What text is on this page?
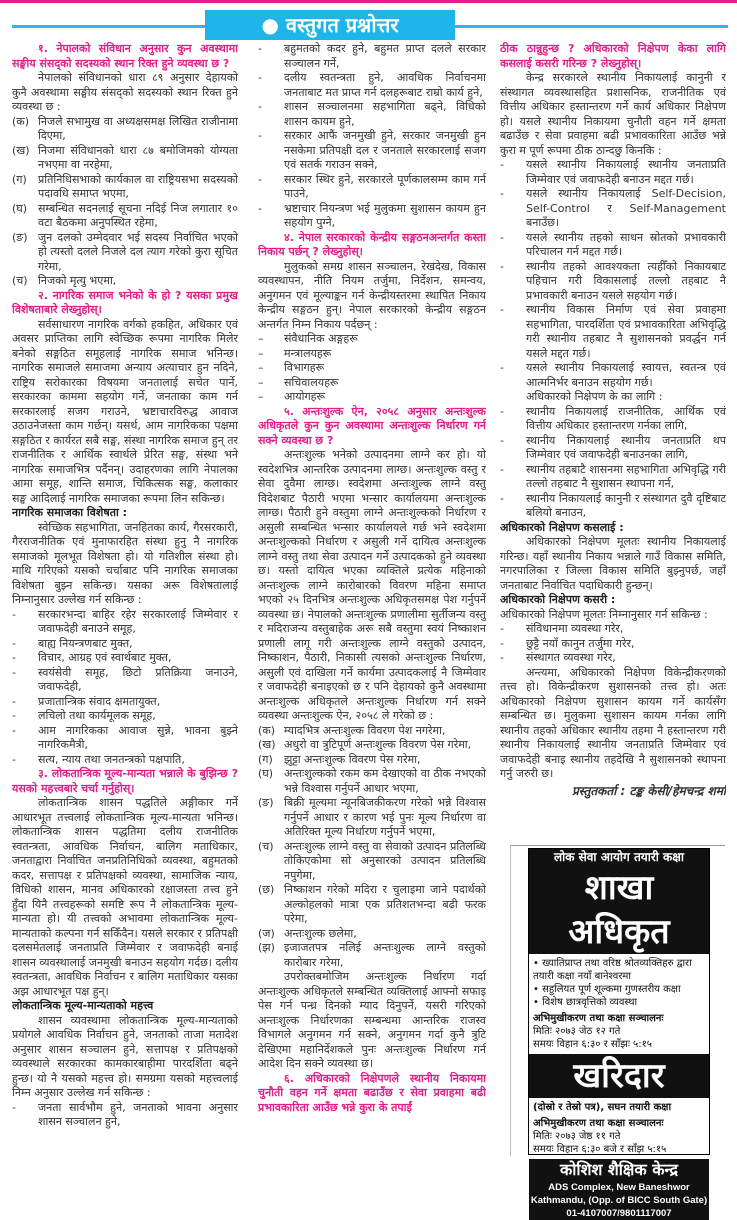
● वस्तुगत प्रश्नोत्तर
१. नेपालको संविधान अनुसार कुन अवस्थामा सङ्घीय संसद्को सदस्यको स्थान रिक्त हुने व्यवस्था छ ?
नेपालको संविधानको धारा ८९ अनुसार देहायको कुनै अवस्थामा सङ्घीय संसद्को सदस्यको स्थान रिक्त हुने व्यवस्था छ :
(क) निजले सभामुख वा अध्यक्षसमक्ष लिखित राजीनामा दिएमा,
(ख) निजमा संविधानको धारा ८७ बमोजिमको योग्यता नभएमा वा नरहेमा,
(ग)	प्रतिनिधिसभाको कार्यकाल वा राष्ट्रियसभा सदस्यको पदावधि समाप्त भएमा,
(घ) सम्बन्धित सदनलाई सूचना नदिई निज लगातार १० वटा बैठकमा अनुपस्थित रहेमा,
(ङ) जुन दलको उम्मेदवार भई सदस्य निर्वाचित भएको हो त्यस्तो दलले निजले दल त्याग गरेको कुरा सूचित गरेमा,
(च) निजको मृत्यु भएमा,
२. नागरिक समाज भनेको के हो ? यसका प्रमुख विशेषताबारे लेख्नुहोस्।
सर्वसाधारण नागरिक वर्गको हकहित, अधिकार एवं अवसर प्राप्तिका लागि स्वेच्छिक रूपमा नागरिक मिलेर बनेको सङ्गठित समूहलाई नागरिक समाज भनिन्छ। नागरिक समाजले समाजमा अन्याय अत्याचार हुन नदिने, राष्ट्रिय सरोकारका विषयमा जनतालाई सचेत पार्ने, सरकारका काममा सहयोग गर्ने, जनताका काम गर्न सरकारलाई सजग गराउने, भ्रष्टाचारविरुद्ध आवाज उठाउनेजस्ता काम गर्छन्। यसर्थ, आम नागरिकका पक्षमा सङ्गठित र कार्यरत सबै सङ्घ, संस्था नागरिक समाज हुन् तर राजनीतिक र आर्थिक स्वार्थले प्रेरित सङ्घ, संस्था भने नागरिक समाजभित्र पर्दैनन्। उदाहरणका लागि नेपालका आमा समूह, शान्ति समाज, चिकित्सक सङ्घ, कलाकार सङ्घ आदिलाई नागरिक समाजका रूपमा लिन सकिन्छ।
नागरिक समाजका विशेषता :
स्वेच्छिक सहभागिता, जनहितका कार्य, गैरसरकारी, गैरराजनीतिक एवं मुनाफारहित संस्था हुनु नै नागरिक समाजको मूलभूत विशेषता हो। यो गतिशील संस्था हो। माथि गरिएको यसको चर्चाबाट पनि नागरिक समाजका विशेषता बुझ्न सकिन्छ। यसका अरू विशेषतालाई निम्नानुसार उल्लेख गर्न सकिन्छ :
-	सरकारभन्दा बाहिर रहेर सरकारलाई जिम्मेवार र जवाफदेही बनाउने समूह,
-	बाह्य नियन्त्रणबाट मुक्त,
-	विचार, आग्रह एवं स्वार्थबाट मुक्त,
-	स्वयंसेवी समूह, छिटो प्रतिक्रिया जनाउने, जवाफदेही,
-	प्रजातान्त्रिक संवाद क्षमतायुक्त,
-	लचिलो तथा कार्यमूलक समूह,
-	आम नागरिकका आवाज सुन्ने, भावना बुझ्ने नागरिकमैत्री,
-	सत्य, न्याय तथा जनतन्त्रको पक्षपाति,
३. लोकतान्त्रिक मूल्य-मान्यता भन्नाले के बुझिन्छ ? यसको महत्त्वबारे चर्चा गर्नुहोस्।
लोकतान्त्रिक शासन पद्धतिले अङ्गीकार गर्ने आधारभूत तत्त्वलाई लोकतान्त्रिक मूल्य-मान्यता भनिन्छ। लोकतान्त्रिक शासन पद्धतिमा दलीय राजनीतिक स्वतन्त्रता, आवधिक निर्वाचन, बालिग मताधिकार, जनताद्वारा निर्वाचित जनप्रतिनिधिको व्यवस्था, बहुमतको कदर, सत्तापक्ष र प्रतिपक्षको व्यवस्था, सामाजिक न्याय, विधिको शासन, मानव अधिकारको रक्षाजस्ता तत्त्व हुने हुँदा यिनै तत्त्वहरूको समष्टि रूप नै लोकतान्त्रिक मूल्य-मान्यता हो। यी तत्त्वको अभावमा लोकतान्त्रिक मूल्य-मान्यताको कल्पना गर्न सकिँदैन। यसले सरकार र प्रतिपक्षी दलसमेतलाई जनताप्रति जिम्मेवार र जवाफदेही बनाई शासन व्यवस्थालाई जनमुखी बनाउन सहयोग गर्दछ। दलीय स्वतन्त्रता, आवधिक निर्वाचन र बालिग मताधिकार यसका अझ आधारभूत पक्ष हुन्।
लोकतान्त्रिक मूल्य-मान्यताको महत्त्व
शासन व्यवस्थामा लोकतान्त्रिक मूल्य-मान्यताको प्रयोगले आवधिक निर्वाचन हुने, जनताको ताजा मतादेश अनुसार शासन सञ्चालन हुने, सत्तापक्ष र प्रतिपक्षको व्यवस्थाले सरकारका कामकारबाहीमा पारदर्शिता बढ्ने हुन्छ। यो नै यसको महत्त्व हो। समग्रमा यसको महत्त्वलाई निम्न अनुसार उल्लेख गर्न सकिन्छ :
-	जनता सार्वभौम हुने, जनताको भावना अनुसार शासन सञ्चालन हुने,
-	बहुमतको कदर हुने, बहुमत प्राप्त दलले सरकार सञ्चालन गर्ने,
-	दलीय स्वतन्त्रता हुने, आवधिक निर्वाचनमा जनताबाट मत प्राप्त गर्न दलहरूबाट राम्रो कार्य हुने,
-	शासन सञ्चालनमा सहभागिता बढ्ने, विधिको शासन कायम हुने,
-	सरकार आफैं जनमुखी हुने, सरकार जनमुखी हुन नसकेमा प्रतिपक्षी दल र जनताले सरकारलाई सजग एवं सतर्क गराउन सक्ने,
-	सरकार स्थिर हुने, सरकारले पूर्णकालसम्म काम गर्न पाउने,
-	भ्रष्टाचार नियन्त्रण भई मुलुकमा सुशासन कायम हुन सहयोग पुग्ने,
४. नेपाल सरकारको केन्द्रीय सङ्गठनअन्तर्गत कस्ता निकाय पर्छन् ? लेख्नुहोस्।
मुलुकको समग्र शासन सञ्चालन, रेखदेख, विकास व्यवस्थापन, नीति नियम तर्जुमा, निर्देशन, समन्वय, अनुगमन एवं मूल्याङ्कन गर्न केन्द्रीयस्तरमा स्थापित निकाय केन्द्रीय सङ्गठन हुन्। नेपाल सरकारको केन्द्रीय सङ्गठन अन्तर्गत निम्न निकाय पर्दछन् :
–	संवैधानिक अङ्गहरू
–	मन्त्रालयहरू
–	विभागहरू
–	सचिवालयहरू
–	आयोगहरू
५. अन्तःशुल्क ऐन, २०५८ अनुसार अन्तःशुल्क अधिकृतले कुन कुन अवस्थामा अन्तःशुल्क निर्धारण गर्न सक्ने व्यवस्था छ ?
अन्तःशुल्क भनेको उत्पादनमा लाग्ने कर हो। यो स्वदेशभित्र आन्तरिक उत्पादनमा लाग्छ। अन्तःशुल्क वस्तु र सेवा दुवैमा लाग्छ। स्वदेशमा अन्तःशुल्क लाग्ने वस्तु विदेशबाट पैठारी भएमा भन्सार कार्यालयमा अन्तःशुल्क लाग्छ। पैठारी हुने वस्तुमा लाग्ने अन्तःशुल्कको निर्धारण र असुली सम्बन्धित भन्सार कार्यालयले गर्छ भने स्वदेशमा अन्तःशुल्कको निर्धारण र असुली गर्ने दायित्व अन्तःशुल्क लाग्ने वस्तु तथा सेवा उत्पादन गर्ने उत्पादकको हुने व्यवस्था छ। यस्तो दायित्व भएका व्यक्तिले प्रत्येक महिनाको अन्तःशुल्क लाग्ने कारोबारको विवरण महिना समाप्त भएको २५ दिनभित्र अन्तःशुल्क अधिकृतसमक्ष पेश गर्नुपर्ने व्यवस्था छ। नेपालको अन्तःशुल्क प्रणालीमा सुर्तीजन्य वस्तु र मदिराजन्य वस्तुबाहेक अरू सबै वस्तुमा स्वयं निष्काशन प्रणाली लागू गरी अन्तःशुल्क लाग्ने वस्तुको उत्पादन, निष्काशन, पैठारी, निकासी त्यसको अन्तःशुल्क निर्धारण, असुली एवं दाखिला गर्ने कार्यमा उत्पादकलाई नै जिम्मेवार र जवाफदेही बनाइएको छ र पनि देहायको कुनै अवस्थामा अन्तःशुल्क अधिकृतले अन्तःशुल्क निर्धारण गर्न सक्ने व्यवस्था अन्तःशुल्क ऐन, २०५८ ले गरेको छ :
(क) म्यादभित्र अन्तःशुल्क विवरण पेश नगरेमा,
(ख) अधुरो वा त्रुटिपूर्ण अन्तःशुल्क विवरण पेस गरेमा,
(ग)	झुट्टा अन्तःशुल्क विवरण पेस गरेमा,
(घ) अन्तःशुल्कको रकम कम देखाएको वा ठीक नभएको भन्ने विश्वास गर्नुपर्ने आधार भएमा,
(ङ) बिक्री मूल्यमा न्यूनबिजकीकरण गरेको भन्ने विश्वास गर्नुपर्ने आधार र कारण भई पुनः मूल्य निर्धारण वा अतिरिक्त मूल्य निर्धारण गर्नुपर्ने भएमा,
(च) अन्तःशुल्क लाग्ने वस्तु वा सेवाको उत्पादन प्रतिलब्धि तोकिएकोमा सो अनुसारको उत्पादन प्रतिलब्धि नपुगेमा,
(छ) निष्काशन गरेको मदिरा र चुलाइमा जाने पदार्थको अल्कोहलको मात्रा एक प्रतिशतभन्दा बढी फरक परेमा,
(ज) अन्तःशुल्क छलेमा,
(झ) इजाजतपत्र नलिई अन्तःशुल्क लाग्ने वस्तुको कारोबार गरेमा,
उपरोक्तबमोजिम अन्तःशुल्क निर्धारण गर्दा अन्तःशुल्क अधिकृतले सम्बन्धित व्यक्तिलाई आफ्नो सफाइ पेस गर्न पन्ध्र दिनको म्याद दिनुपर्ने, यसरी गरिएको अन्तःशुल्क निर्धारणका सम्बन्धमा आन्तरिक राजस्व विभागले अनुगमन गर्न सक्ने, अनुगमन गर्दा कुनै त्रुटि देखिएमा महानिर्देशकले पुनः अन्तःशुल्क निर्धारण गर्न आदेश दिन सक्ने व्यवस्था छ।
६. अधिकारको निक्षेपणले स्थानीय निकायमा चुनौती वहन गर्ने क्षमता बढाउँछ र सेवा प्रवाहमा बढी प्रभावकारिता आउँछ भन्ने कुरा के तपाईं
ठीक ठान्नुहुन्छ ? अधिकारको निक्षेपण केका लागि कसलाई कसरी गरिन्छ ? लेख्नुहोस्।
केन्द्र सरकारले स्थानीय निकायलाई कानुनी र संस्थागत व्यवस्थासहित प्रशासनिक, राजनीतिक एवं वित्तीय अधिकार हस्तान्तरण गर्ने कार्य अधिकार निक्षेपण हो। यसले स्थानीय निकायमा चुनौती वहन गर्ने क्षमता बढाउँछ र सेवा प्रवाहमा बढी प्रभावकारिता आउँछ भन्ने कुरा म पूर्ण रूपमा ठीक ठान्दछु किनकि :
-	यसले स्थानीय निकायलाई स्थानीय जनताप्रति जिम्मेवार एवं जवाफदेही बनाउन मद्दत गर्छ।
-	यसले स्थानीय निकायलाई Self-Decision, Self-Control र Self-Management बनाउँछ।
-	यसले स्थानीय तहको साधन स्रोतको प्रभावकारी परिचालन गर्न मद्दत गर्छ।
-	स्थानीय तहको आवश्यकता त्यहीँको निकायबाट पहिचान गरी विकासलाई तल्लो तहबाट नै प्रभावकारी बनाउन यसले सहयोग गर्छ।
-	स्थानीय विकास निर्माण एवं सेवा प्रवाहमा सहभागिता, पारदर्शिता एवं प्रभावकारिता अभिवृद्धि गरी स्थानीय तहबाट नै सुशासनको प्रवर्द्धन गर्न यसले मद्दत गर्छ।
-	यसले स्थानीय निकायलाई स्वायत्त, स्वतन्त्र एवं आत्मनिर्भर बनाउन सहयोग गर्छ।
अधिकारको निक्षेपण के का लागि :
-	स्थानीय निकायलाई राजनीतिक, आर्थिक एवं वित्तीय अधिकार हस्तान्तरण गर्नका लागि,
-	स्थानीय निकायलाई स्थानीय जनताप्रति थप जिम्मेवार एवं जवाफदेही बनाउनका लागि,
-	स्थानीय तहबाटै शासनमा सहभागिता अभिवृद्धि गरी तल्लो तहबाट नै सुशासन स्थापना गर्न,
-	स्थानीय निकायलाई कानुनी र संस्थागत दुवै दृष्टिबाट बलियो बनाउन,
अधिकारको निक्षेपण कसलाई :
अधिकारको निक्षेपण मूलतः स्थानीय निकायलाई गरिन्छ। यहाँ स्थानीय निकाय भन्नाले गाउँ विकास समिति, नगरपालिका र जिल्ला विकास समिति बुझ्नुपर्छ, जहाँ जनताबाट निर्वाचित पदाधिकारी हुन्छन्।
अधिकारको निक्षेपण कसरी :
अधिकारको निक्षेपण मूलतः निम्नानुसार गर्न सकिन्छ :
-	संविधानमा व्यवस्था गरेर,
-	छुट्टै नयाँ कानुन तर्जुमा गरेर,
-	संस्थागत व्यवस्था गरेर,
अन्त्यमा, अधिकारको निक्षेपण विकेन्द्रीकरणको तत्त्व हो। विकेन्द्रीकरण सुशासनको तत्त्व हो। अतः अधिकारको निक्षेपण सुशासन कायम गर्ने कार्यसँग सम्बन्धित छ। मुलुकमा सुशासन कायम गर्नका लागि स्थानीय तहको अधिकार स्थानीय तहमा नै हस्तान्तरण गरी स्थानीय निकायलाई स्थानीय जनताप्रति जिम्मेवार एवं जवाफदेही बनाइ स्थानीय तहदेखि नै सुशासनको स्थापना गर्नु जरुरी छ।
प्रस्तुतकर्ता : टङ्क केसी/हेमचन्द्र शर्मा
लोक सेवा आयोग तयारी कक्षा
शाखा अधिकृत
• ख्यातिप्राप्त तथा वरिष्ठ श्रोतव्यक्तिहरु द्वारा तयारी कक्षा नयाँ बानेश्वरमा
• सहुलियत पूर्ण शूल्कमा गुणस्तरीय कक्षा
• विशेष छात्रवृत्तिको व्यवस्था
अभिमुखीकरण तथा कक्षा सञ्चालनः
मितिः २०७३ जेठ १२ गते
समयः विहान ६:३० र साँझः ५:१५
खरिदार
(दोस्रो र तेस्रो पत्र), सघन तयारी कक्षा
अभिमुखीकरण तथा कक्षा सञ्चालनः
मितिः २०७३ जेष्ठ ११ गते
समयः विहान ६:३० बजे र साँझ ५:१५
कोशिश शैक्षिक केन्द्र
ADS Complex, New Baneshwor
Kathmandu, (Opp. of BICC South Gate)
01-4107007/9801117007
